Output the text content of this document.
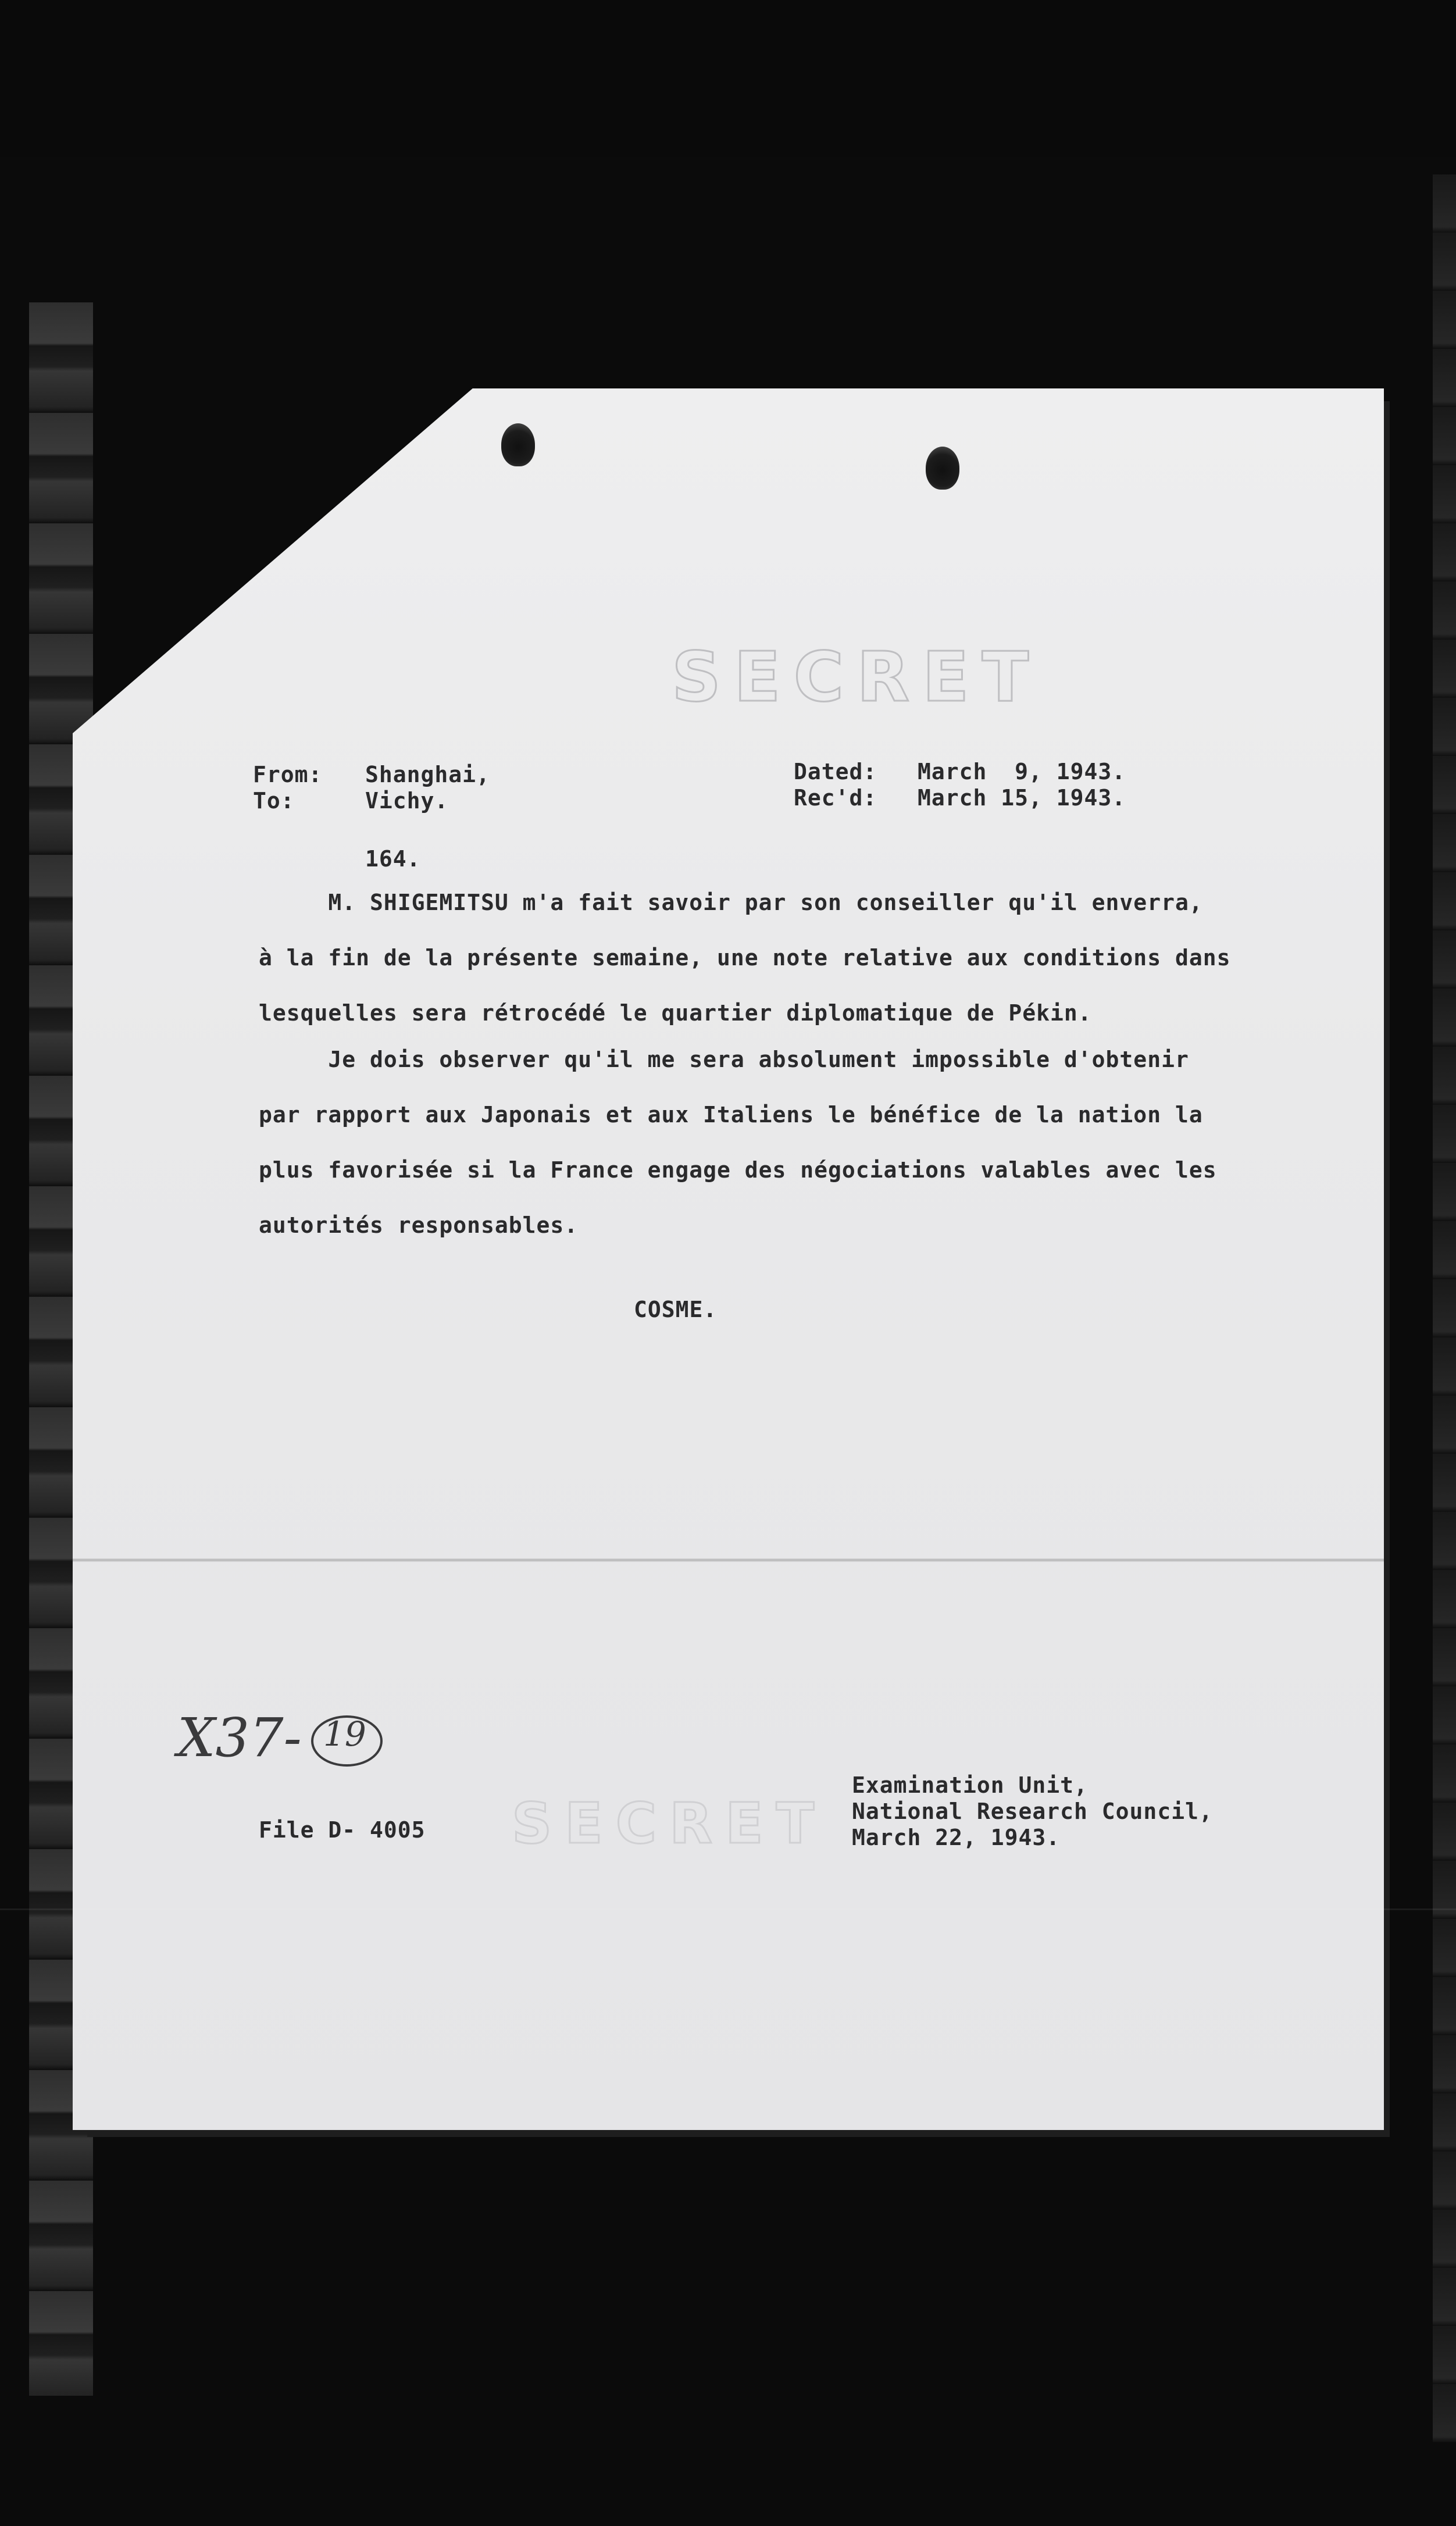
SECRET
From: Shanghai,
To:	Vichy.
Dated: March  9, 1943.
Rec'd: March 15, 1943.
164.
M. SHIGEMITSU m'a fait savoir par son conseiller qu'il enverra,
à la fin de la présente semaine, une note relative aux conditions dans
lesquelles sera rétrocédé le quartier diplomatique de Pékin.
Je dois observer qu'il me sera absolument impossible d'obtenir
par rapport aux Japonais et aux Italiens le bénéfice de la nation la
plus favorisée si la France engage des négociations valables avec les
autorités responsables.
COSME.
X37- 19
SECRET
File D- 4005
Examination Unit,
National Research Council,
March 22, 1943.
